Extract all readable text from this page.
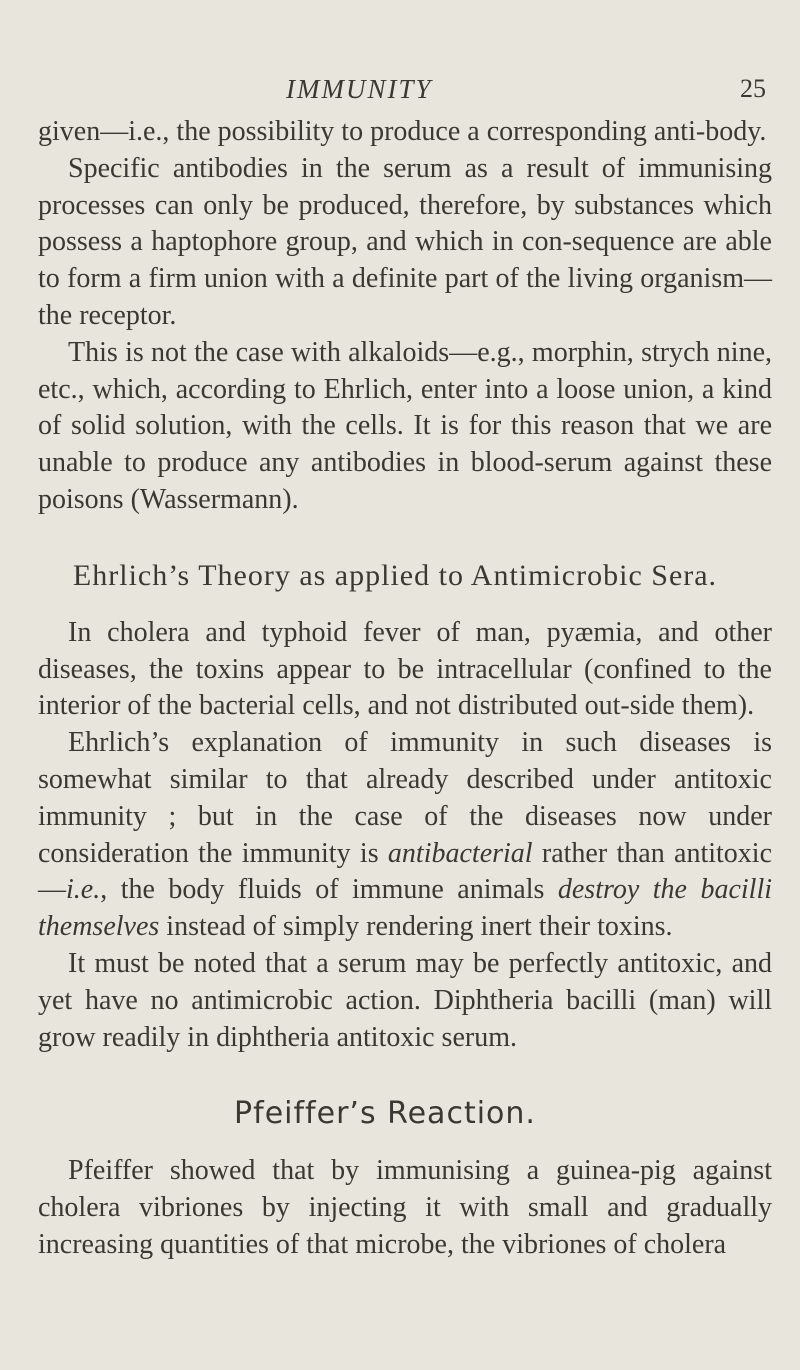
IMMUNITY	25

given—i.e., the possibility to produce a corresponding anti-body.

Specific antibodies in the serum as a result of immunising processes can only be produced, therefore, by substances which possess a haptophore group, and which in con-sequence are able to form a firm union with a definite part of the living organism—the receptor.

This is not the case with alkaloids—e.g., morphin, strych nine, etc., which, according to Ehrlich, enter into a loose union, a kind of solid solution, with the cells. It is for this reason that we are unable to produce any antibodies in blood-serum against these poisons (Wassermann).

Ehrlich’s Theory as applied to Antimicrobic Sera.

In cholera and typhoid fever of man, pyæmia, and other diseases, the toxins appear to be intracellular (confined to the interior of the bacterial cells, and not distributed out-side them).

Ehrlich’s explanation of immunity in such diseases is somewhat similar to that already described under antitoxic immunity ; but in the case of the diseases now under consideration the immunity is antibacterial rather than antitoxic—i.e., the body fluids of immune animals destroy the bacilli themselves instead of simply rendering inert their toxins.

It must be noted that a serum may be perfectly antitoxic, and yet have no antimicrobic action. Diphtheria bacilli (man) will grow readily in diphtheria antitoxic serum.

Pfeiffer’s Reaction.

Pfeiffer showed that by immunising a guinea-pig against cholera vibriones by injecting it with small and gradually increasing quantities of that microbe, the vibriones of cholera
